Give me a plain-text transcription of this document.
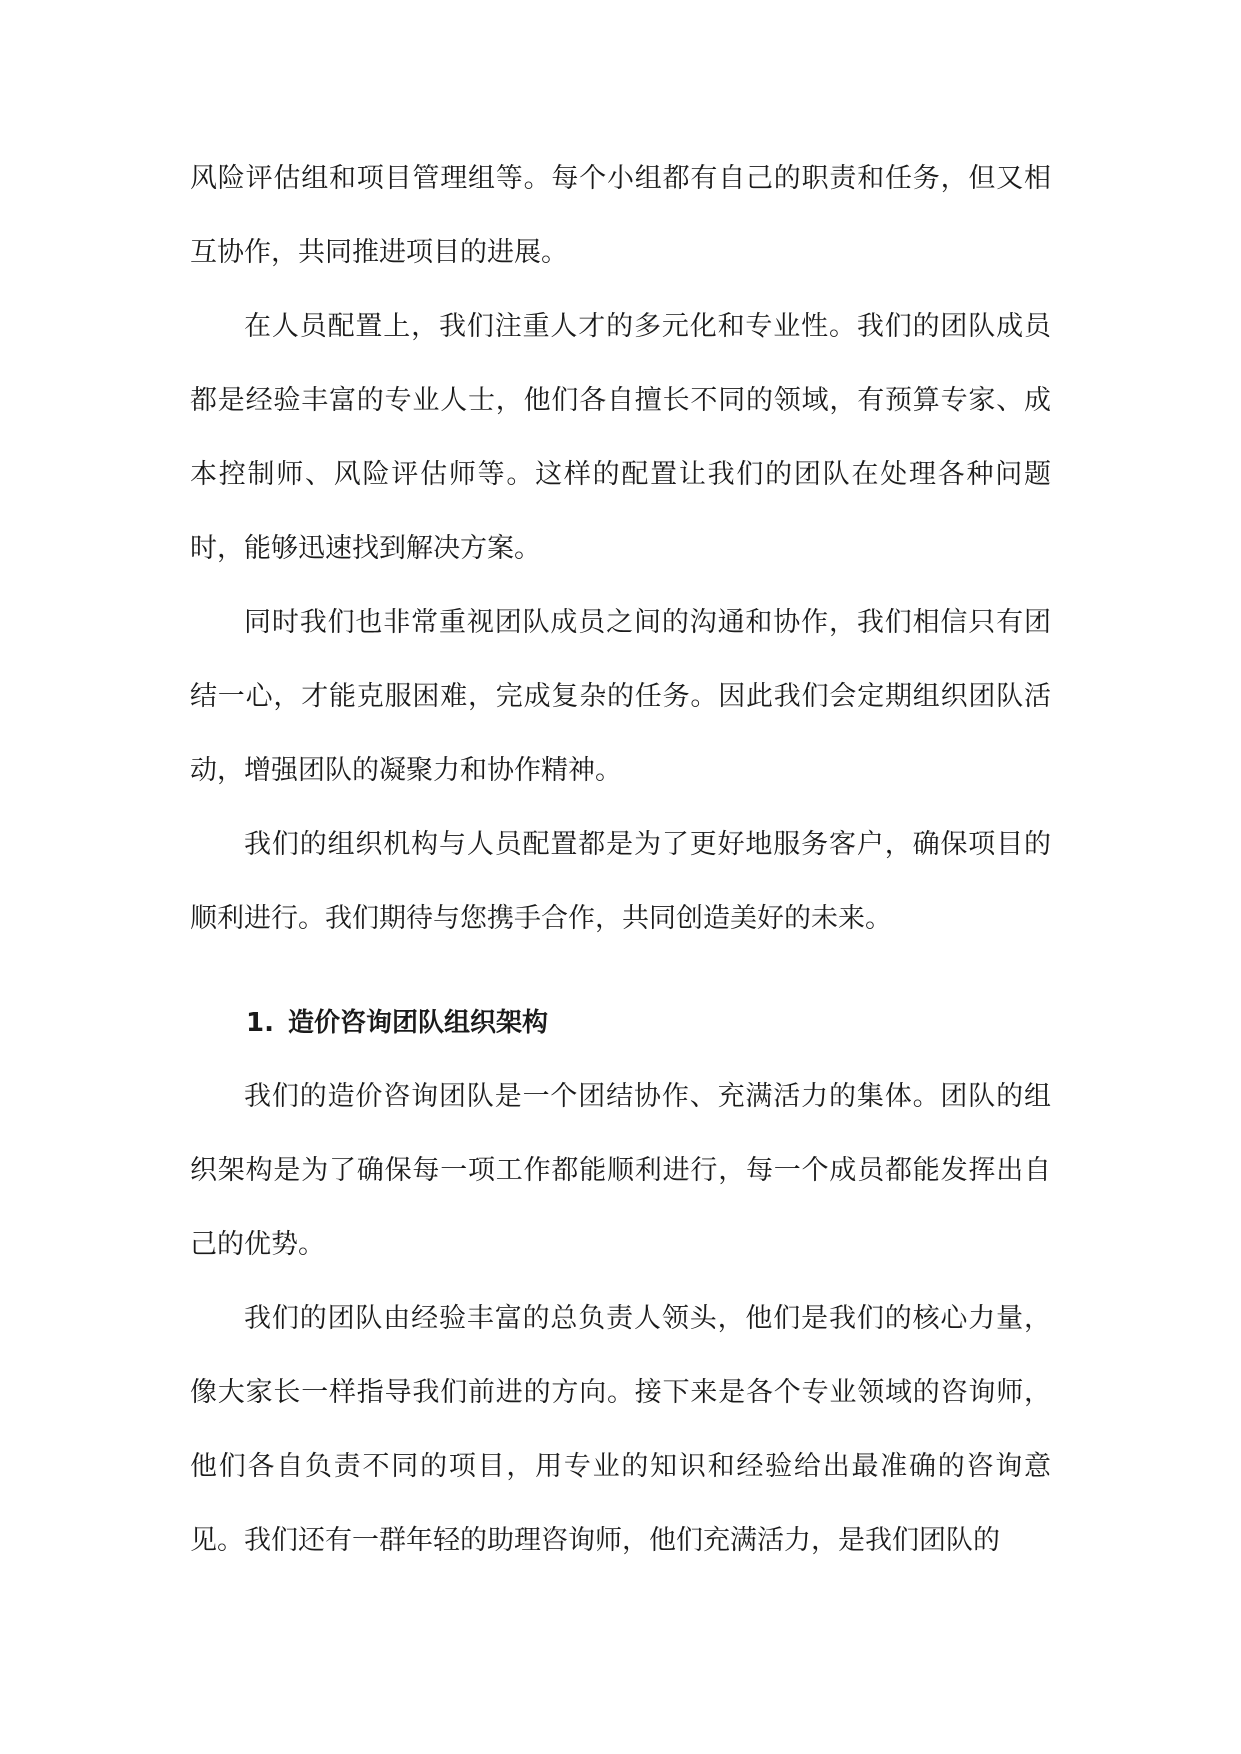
风险评估组和项目管理组等。每个小组都有自己的职责和任务，但又相互协作，共同推进项目的进展。

在人员配置上，我们注重人才的多元化和专业性。我们的团队成员都是经验丰富的专业人士，他们各自擅长不同的领域，有预算专家、成本控制师、风险评估师等。这样的配置让我们的团队在处理各种问题时，能够迅速找到解决方案。

同时我们也非常重视团队成员之间的沟通和协作，我们相信只有团结一心，才能克服困难，完成复杂的任务。因此我们会定期组织团队活动，增强团队的凝聚力和协作精神。

我们的组织机构与人员配置都是为了更好地服务客户，确保项目的顺利进行。我们期待与您携手合作，共同创造美好的未来。

1. 造价咨询团队组织架构

我们的造价咨询团队是一个团结协作、充满活力的集体。团队的组织架构是为了确保每一项工作都能顺利进行，每一个成员都能发挥出自己的优势。

我们的团队由经验丰富的总负责人领头，他们是我们的核心力量，像大家长一样指导我们前进的方向。接下来是各个专业领域的咨询师，他们各自负责不同的项目，用专业的知识和经验给出最准确的咨询意见。我们还有一群年轻的助理咨询师，他们充满活力，是我们团队的
